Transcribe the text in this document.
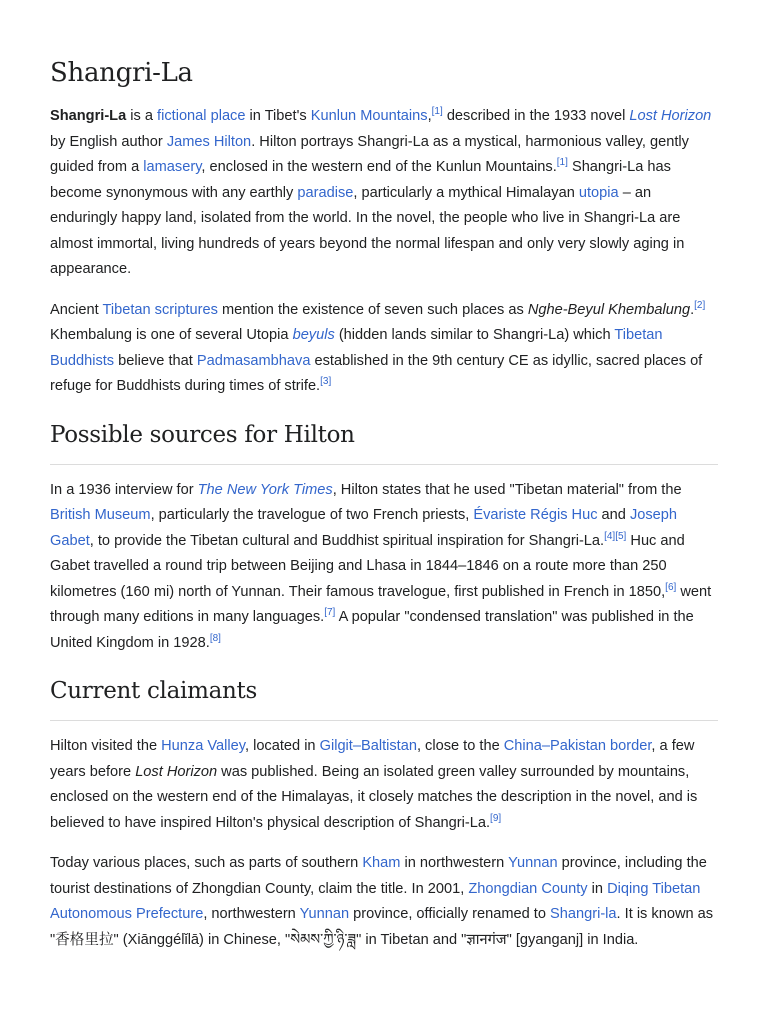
Shangri-La

Shangri-La is a fictional place in Tibet's Kunlun Mountains,[1] described in the 1933 novel Lost Horizon by English author James Hilton. Hilton portrays Shangri-La as a mystical, harmonious valley, gently guided from a lamasery, enclosed in the western end of the Kunlun Mountains.[1] Shangri-La has become synonymous with any earthly paradise, particularly a mythical Himalayan utopia – an enduringly happy land, isolated from the world. In the novel, the people who live in Shangri-La are almost immortal, living hundreds of years beyond the normal lifespan and only very slowly aging in appearance.

Ancient Tibetan scriptures mention the existence of seven such places as Nghe-Beyul Khembalung.[2] Khembalung is one of several Utopia beyuls (hidden lands similar to Shangri-La) which Tibetan Buddhists believe that Padmasambhava established in the 9th century CE as idyllic, sacred places of refuge for Buddhists during times of strife.[3]

Possible sources for Hilton

In a 1936 interview for The New York Times, Hilton states that he used "Tibetan material" from the British Museum, particularly the travelogue of two French priests, Évariste Régis Huc and Joseph Gabet, to provide the Tibetan cultural and Buddhist spiritual inspiration for Shangri-La.[4][5] Huc and Gabet travelled a round trip between Beijing and Lhasa in 1844–1846 on a route more than 250 kilometres (160 mi) north of Yunnan. Their famous travelogue, first published in French in 1850,[6] went through many editions in many languages.[7] A popular "condensed translation" was published in the United Kingdom in 1928.[8]

Current claimants

Hilton visited the Hunza Valley, located in Gilgit–Baltistan, close to the China–Pakistan border, a few years before Lost Horizon was published. Being an isolated green valley surrounded by mountains, enclosed on the western end of the Himalayas, it closely matches the description in the novel, and is believed to have inspired Hilton's physical description of Shangri-La.[9]

Today various places, such as parts of southern Kham in northwestern Yunnan province, including the tourist destinations of Zhongdian County, claim the title. In 2001, Zhongdian County in Diqing Tibetan Autonomous Prefecture, northwestern Yunnan province, officially renamed to Shangri-la. It is known as "香格里拉" (Xiānggélǐlā) in Chinese, "སེམས་ཀྱི་ཉི་ཟླ" in Tibetan and "ज्ञानगंज" [gyanganj] in India.
